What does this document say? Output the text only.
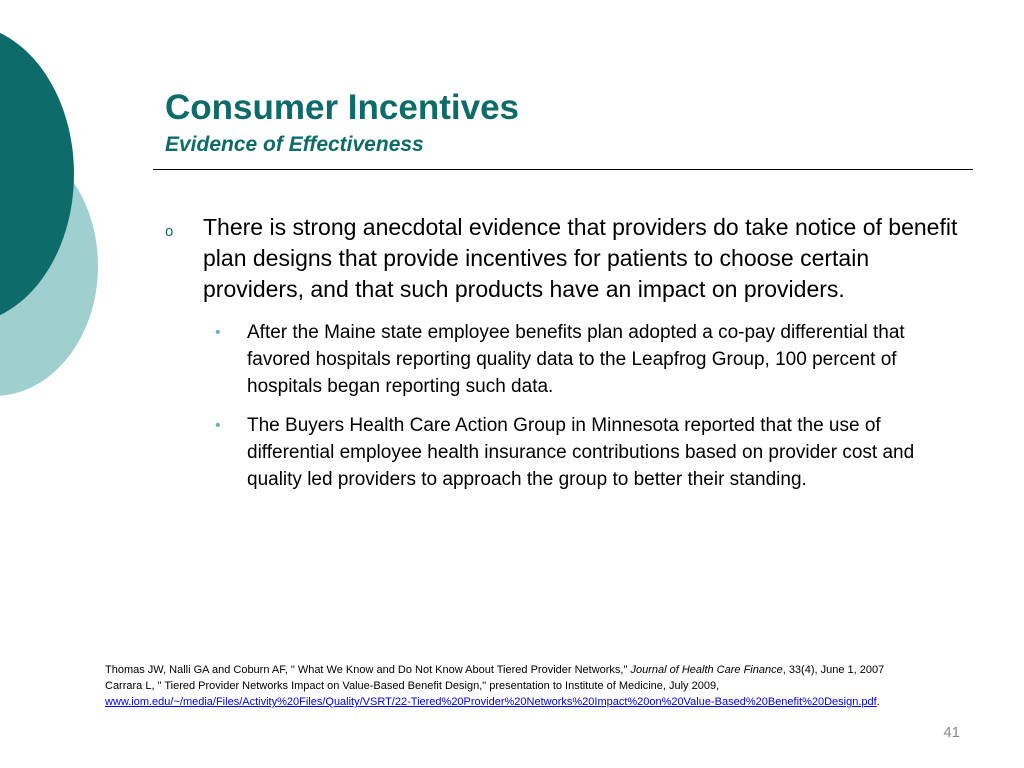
Consumer Incentives
Evidence of Effectiveness
o There is strong anecdotal evidence that providers do take notice of benefit plan designs that provide incentives for patients to choose certain providers, and that such products have an impact on providers.
• After the Maine state employee benefits plan adopted a co-pay differential that favored hospitals reporting quality data to the Leapfrog Group, 100 percent of hospitals began reporting such data.
• The Buyers Health Care Action Group in Minnesota reported that the use of differential employee health insurance contributions based on provider cost and quality led providers to approach the group to better their standing.
Thomas JW, Nalli GA and Coburn AF, " What We Know and Do Not Know About Tiered Provider Networks," Journal of Health Care Finance, 33(4), June 1, 2007
Carrara L, " Tiered Provider Networks Impact on Value-Based Benefit Design," presentation to Institute of Medicine, July 2009,
www.iom.edu/~/media/Files/Activity%20Files/Quality/VSRT/22-Tiered%20Provider%20Networks%20Impact%20on%20Value-Based%20Benefit%20Design.pdf.
41
